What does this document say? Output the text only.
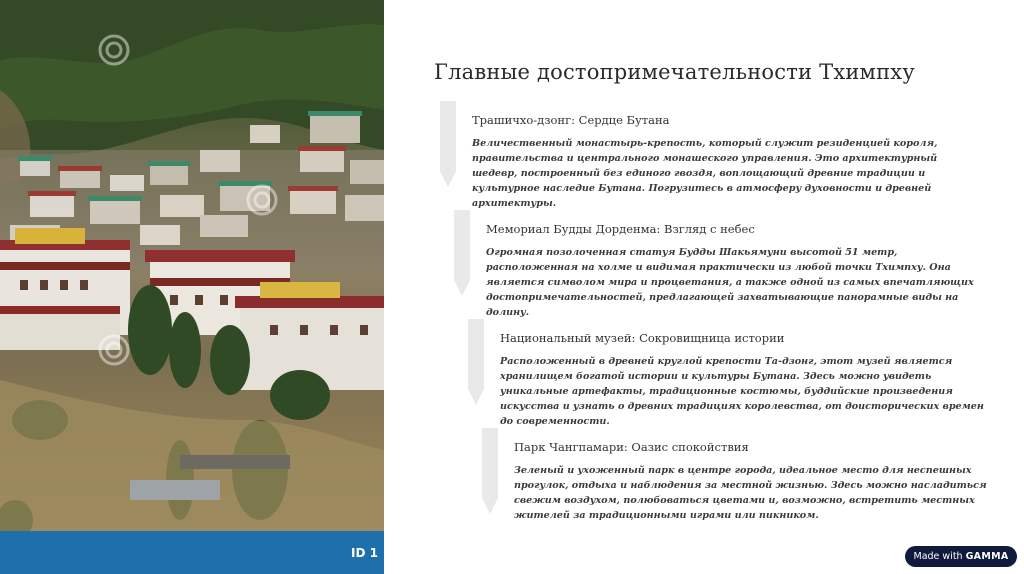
ID 1
Главные достопримечательности Тхимпху
Трашичхо-дзонг: Сердце Бутана
Величественный монастырь-крепость, который служит резиденцией короля, правительства и центрального монашеского управления. Это архитектурный шедевр, построенный без единого гвоздя, воплощающий древние традиции и культурное наследие Бутана. Погрузитесь в атмосферу духовности и древней архитектуры.
Мемориал Будды Дорденма: Взгляд с небес
Огромная позолоченная статуя Будды Шакьямуни высотой 51 метр, расположенная на холме и видимая практически из любой точки Тхимпху. Она является символом мира и процветания, а также одной из самых впечатляющих достопримечательностей, предлагающей захватывающие панорамные виды на долину.
Национальный музей: Сокровищница истории
Расположенный в древней круглой крепости Та-дзонг, этот музей является хранилищем богатой истории и культуры Бутана. Здесь можно увидеть уникальные артефакты, традиционные костюмы, буддийские произведения искусства и узнать о древних традициях королевства, от доисторических времен до современности.
Парк Чангпамари: Оазис спокойствия
Зеленый и ухоженный парк в центре города, идеальное место для неспешных прогулок, отдыха и наблюдения за местной жизнью. Здесь можно насладиться свежим воздухом, полюбоваться цветами и, возможно, встретить местных жителей за традиционными играми или пикником.
Made with GAMMA
